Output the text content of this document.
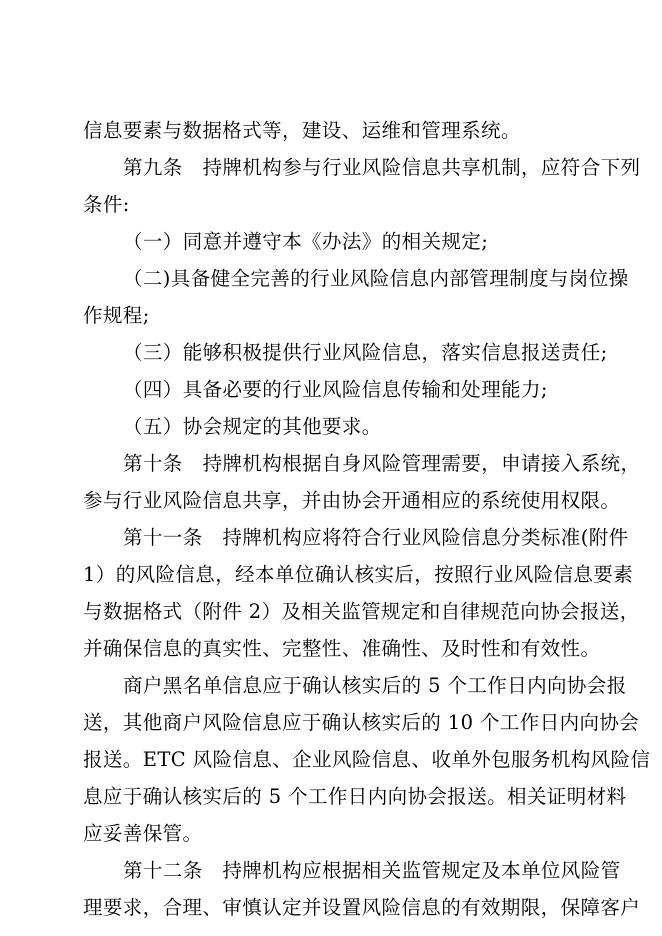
信息要素与数据格式等，建设、运维和管理系统。
第九条　持牌机构参与行业风险信息共享机制，应符合下列
条件:
（一）同意并遵守本《办法》的相关规定;
（二)具备健全完善的行业风险信息内部管理制度与岗位操
作规程;
（三）能够积极提供行业风险信息，落实信息报送责任;
（四）具备必要的行业风险信息传输和处理能力;
（五）协会规定的其他要求。
第十条　持牌机构根据自身风险管理需要，申请接入系统，
参与行业风险信息共享，并由协会开通相应的系统使用权限。
第十一条　持牌机构应将符合行业风险信息分类标准(附件
1）的风险信息，经本单位确认核实后，按照行业风险信息要素
与数据格式（附件 2）及相关监管规定和自律规范向协会报送，
并确保信息的真实性、完整性、准确性、及时性和有效性。
商户黑名单信息应于确认核实后的 5 个工作日内向协会报
送，其他商户风险信息应于确认核实后的 10 个工作日内向协会
报送。ETC 风险信息、企业风险信息、收单外包服务机构风险信
息应于确认核实后的 5 个工作日内向协会报送。相关证明材料
应妥善保管。
第十二条　持牌机构应根据相关监管规定及本单位风险管
理要求，合理、审慎认定并设置风险信息的有效期限，保障客户
